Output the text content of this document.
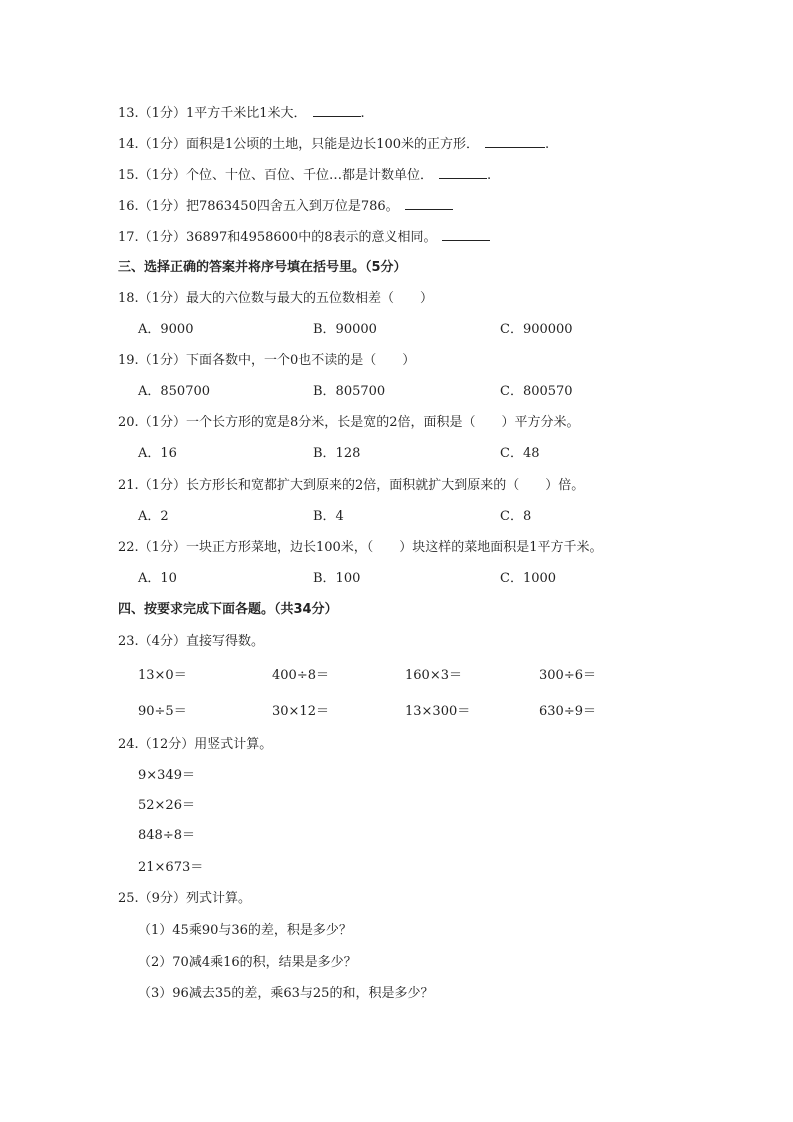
13.（1分）1平方千米比1米大．	.
14.（1分）面积是1公顷的土地，只能是边长100米的正方形．	.
15.（1分）个位、十位、百位、千位…都是计数单位．	.
16.（1分）把7863450四舍五入到万位是786。
17.（1分）36897和4958600中的8表示的意义相同。
三、选择正确的答案并将序号填在括号里。（5分）
18.（1分）最大的六位数与最大的五位数相差（　　）
A．9000	B．90000	C．900000
19.（1分）下面各数中，一个0也不读的是（　　）
A．850700	B．805700	C．800570
20.（1分）一个长方形的宽是8分米，长是宽的2倍，面积是（　　）平方分米。
A．16	B．128	C．48
21.（1分）长方形长和宽都扩大到原来的2倍，面积就扩大到原来的（　　）倍。
A．2	B．4	C．8
22.（1分）一块正方形菜地，边长100米，（　　）块这样的菜地面积是1平方千米。
A．10	B．100	C．1000
四、按要求完成下面各题。（共34分）
23.（4分）直接写得数。
13×0＝	400÷8＝	160×3＝	300÷6＝
90÷5＝	30×12＝	13×300＝	630÷9＝
24.（12分）用竖式计算。
9×349＝
52×26＝
848÷8＝
21×673＝
25.（9分）列式计算。
（1）45乘90与36的差，积是多少？
（2）70减4乘16的积，结果是多少？
（3）96减去35的差，乘63与25的和，积是多少？
